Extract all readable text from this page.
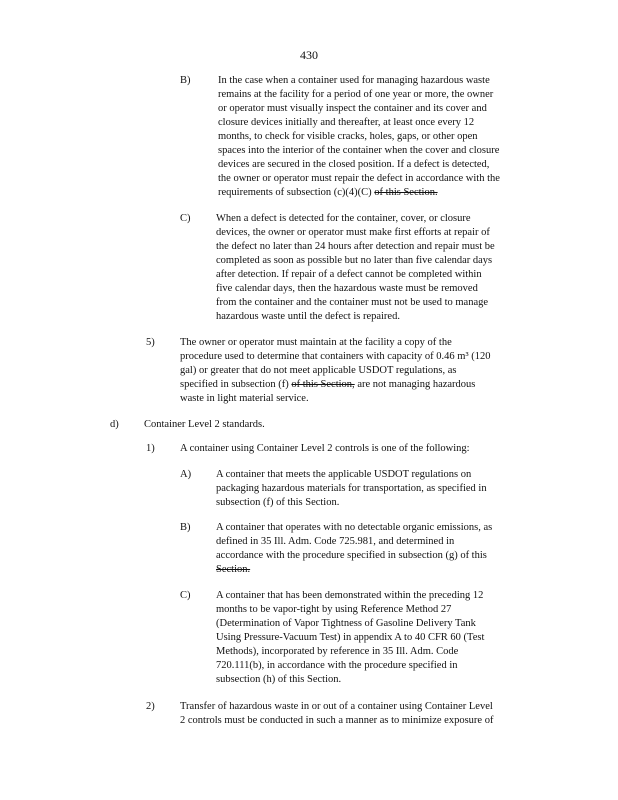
430
B)	In the case when a container used for managing hazardous waste
remains at the facility for a period of one year or more, the owner
or operator must visually inspect the container and its cover and
closure devices initially and thereafter, at least once every 12
months, to check for visible cracks, holes, gaps, or other open
spaces into the interior of the container when the cover and closure
devices are secured in the closed position. If a defect is detected,
the owner or operator must repair the defect in accordance with the
requirements of subsection (c)(4)(C) of this Section.
C) When a defect is detected for the container, cover, or closure
devices, the owner or operator must make first efforts at repair of
the defect no later than 24 hours after detection and repair must be
completed as soon as possible but no later than five calendar days
after detection. If repair of a defect cannot be completed within
five calendar days, then the hazardous waste must be removed
from the container and the container must not be used to manage
hazardous waste until the defect is repaired.
5) The owner or operator must maintain at the facility a copy of the
procedure used to determine that containers with capacity of 0.46 m³ (120
gal) or greater that do not meet applicable USDOT regulations, as
specified in subsection (f) of this Section, are not managing hazardous
waste in light material service.
d) Container Level 2 standards.
1) A container using Container Level 2 controls is one of the following:
A) A container that meets the applicable USDOT regulations on
packaging hazardous materials for transportation, as specified in
subsection (f) of this Section.
B) A container that operates with no detectable organic emissions, as
defined in 35 Ill. Adm. Code 725.981, and determined in
accordance with the procedure specified in subsection (g) of this
Section.
C) A container that has been demonstrated within the preceding 12
months to be vapor-tight by using Reference Method 27
(Determination of Vapor Tightness of Gasoline Delivery Tank
Using Pressure-Vacuum Test) in appendix A to 40 CFR 60 (Test
Methods), incorporated by reference in 35 Ill. Adm. Code
720.111(b), in accordance with the procedure specified in
subsection (h) of this Section.
2) Transfer of hazardous waste in or out of a container using Container Level
2 controls must be conducted in such a manner as to minimize exposure of
